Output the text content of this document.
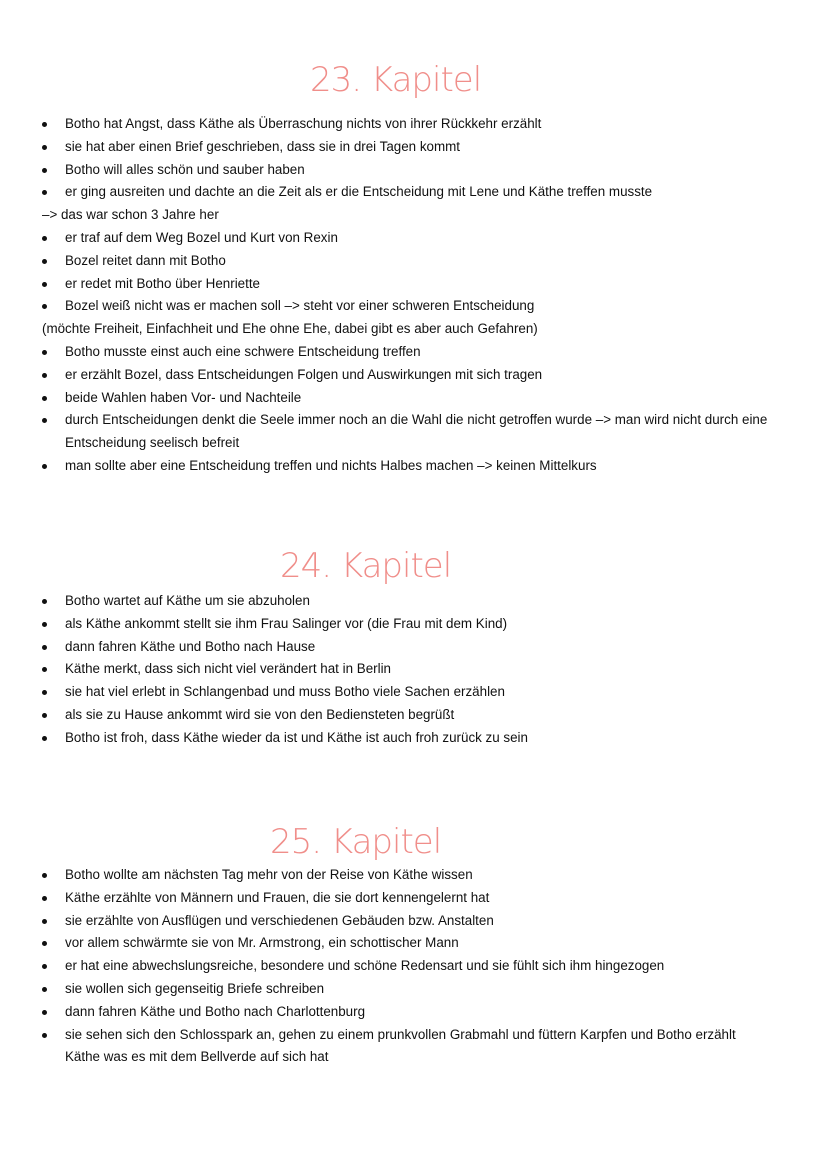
23. Kapitel
Botho hat Angst, dass Käthe als Überraschung nichts von ihrer Rückkehr erzählt
sie hat aber einen Brief geschrieben, dass sie in drei Tagen kommt
Botho will alles schön und sauber haben
er ging ausreiten und dachte an die Zeit als er die Entscheidung mit Lene und Käthe treffen musste
–> das war schon 3 Jahre her
er traf auf dem Weg Bozel und Kurt von Rexin
Bozel reitet dann mit Botho
er redet mit Botho über Henriette
Bozel weiß nicht was er machen soll –> steht vor einer schweren Entscheidung
(möchte Freiheit, Einfachheit und Ehe ohne Ehe, dabei gibt es aber auch Gefahren)
Botho musste einst auch eine schwere Entscheidung treffen
er erzählt Bozel, dass Entscheidungen Folgen und Auswirkungen mit sich tragen
beide Wahlen haben Vor- und Nachteile
durch Entscheidungen denkt die Seele immer noch an die Wahl die nicht getroffen wurde –> man wird nicht durch eine
Entscheidung seelisch befreit
man sollte aber eine Entscheidung treffen und nichts Halbes machen –> keinen Mittelkurs
24. Kapitel
Botho wartet auf Käthe um sie abzuholen
als Käthe ankommt stellt sie ihm Frau Salinger vor (die Frau mit dem Kind)
dann fahren Käthe und Botho nach Hause
Käthe merkt, dass sich nicht viel verändert hat in Berlin
sie hat viel erlebt in Schlangenbad und muss Botho viele Sachen erzählen
als sie zu Hause ankommt wird sie von den Bediensteten begrüßt
Botho ist froh, dass Käthe wieder da ist und Käthe ist auch froh zurück zu sein
25. Kapitel
Botho wollte am nächsten Tag mehr von der Reise von Käthe wissen
Käthe erzählte von Männern und Frauen, die sie dort kennengelernt hat
sie erzählte von Ausflügen und verschiedenen Gebäuden bzw. Anstalten
vor allem schwärmte sie von Mr. Armstrong, ein schottischer Mann
er hat eine abwechslungsreiche, besondere und schöne Redensart und sie fühlt sich ihm hingezogen
sie wollen sich gegenseitig Briefe schreiben
dann fahren Käthe und Botho nach Charlottenburg
sie sehen sich den Schlosspark an, gehen zu einem prunkvollen Grabmahl und füttern Karpfen und Botho erzählt
Käthe was es mit dem Bellverde auf sich hat
